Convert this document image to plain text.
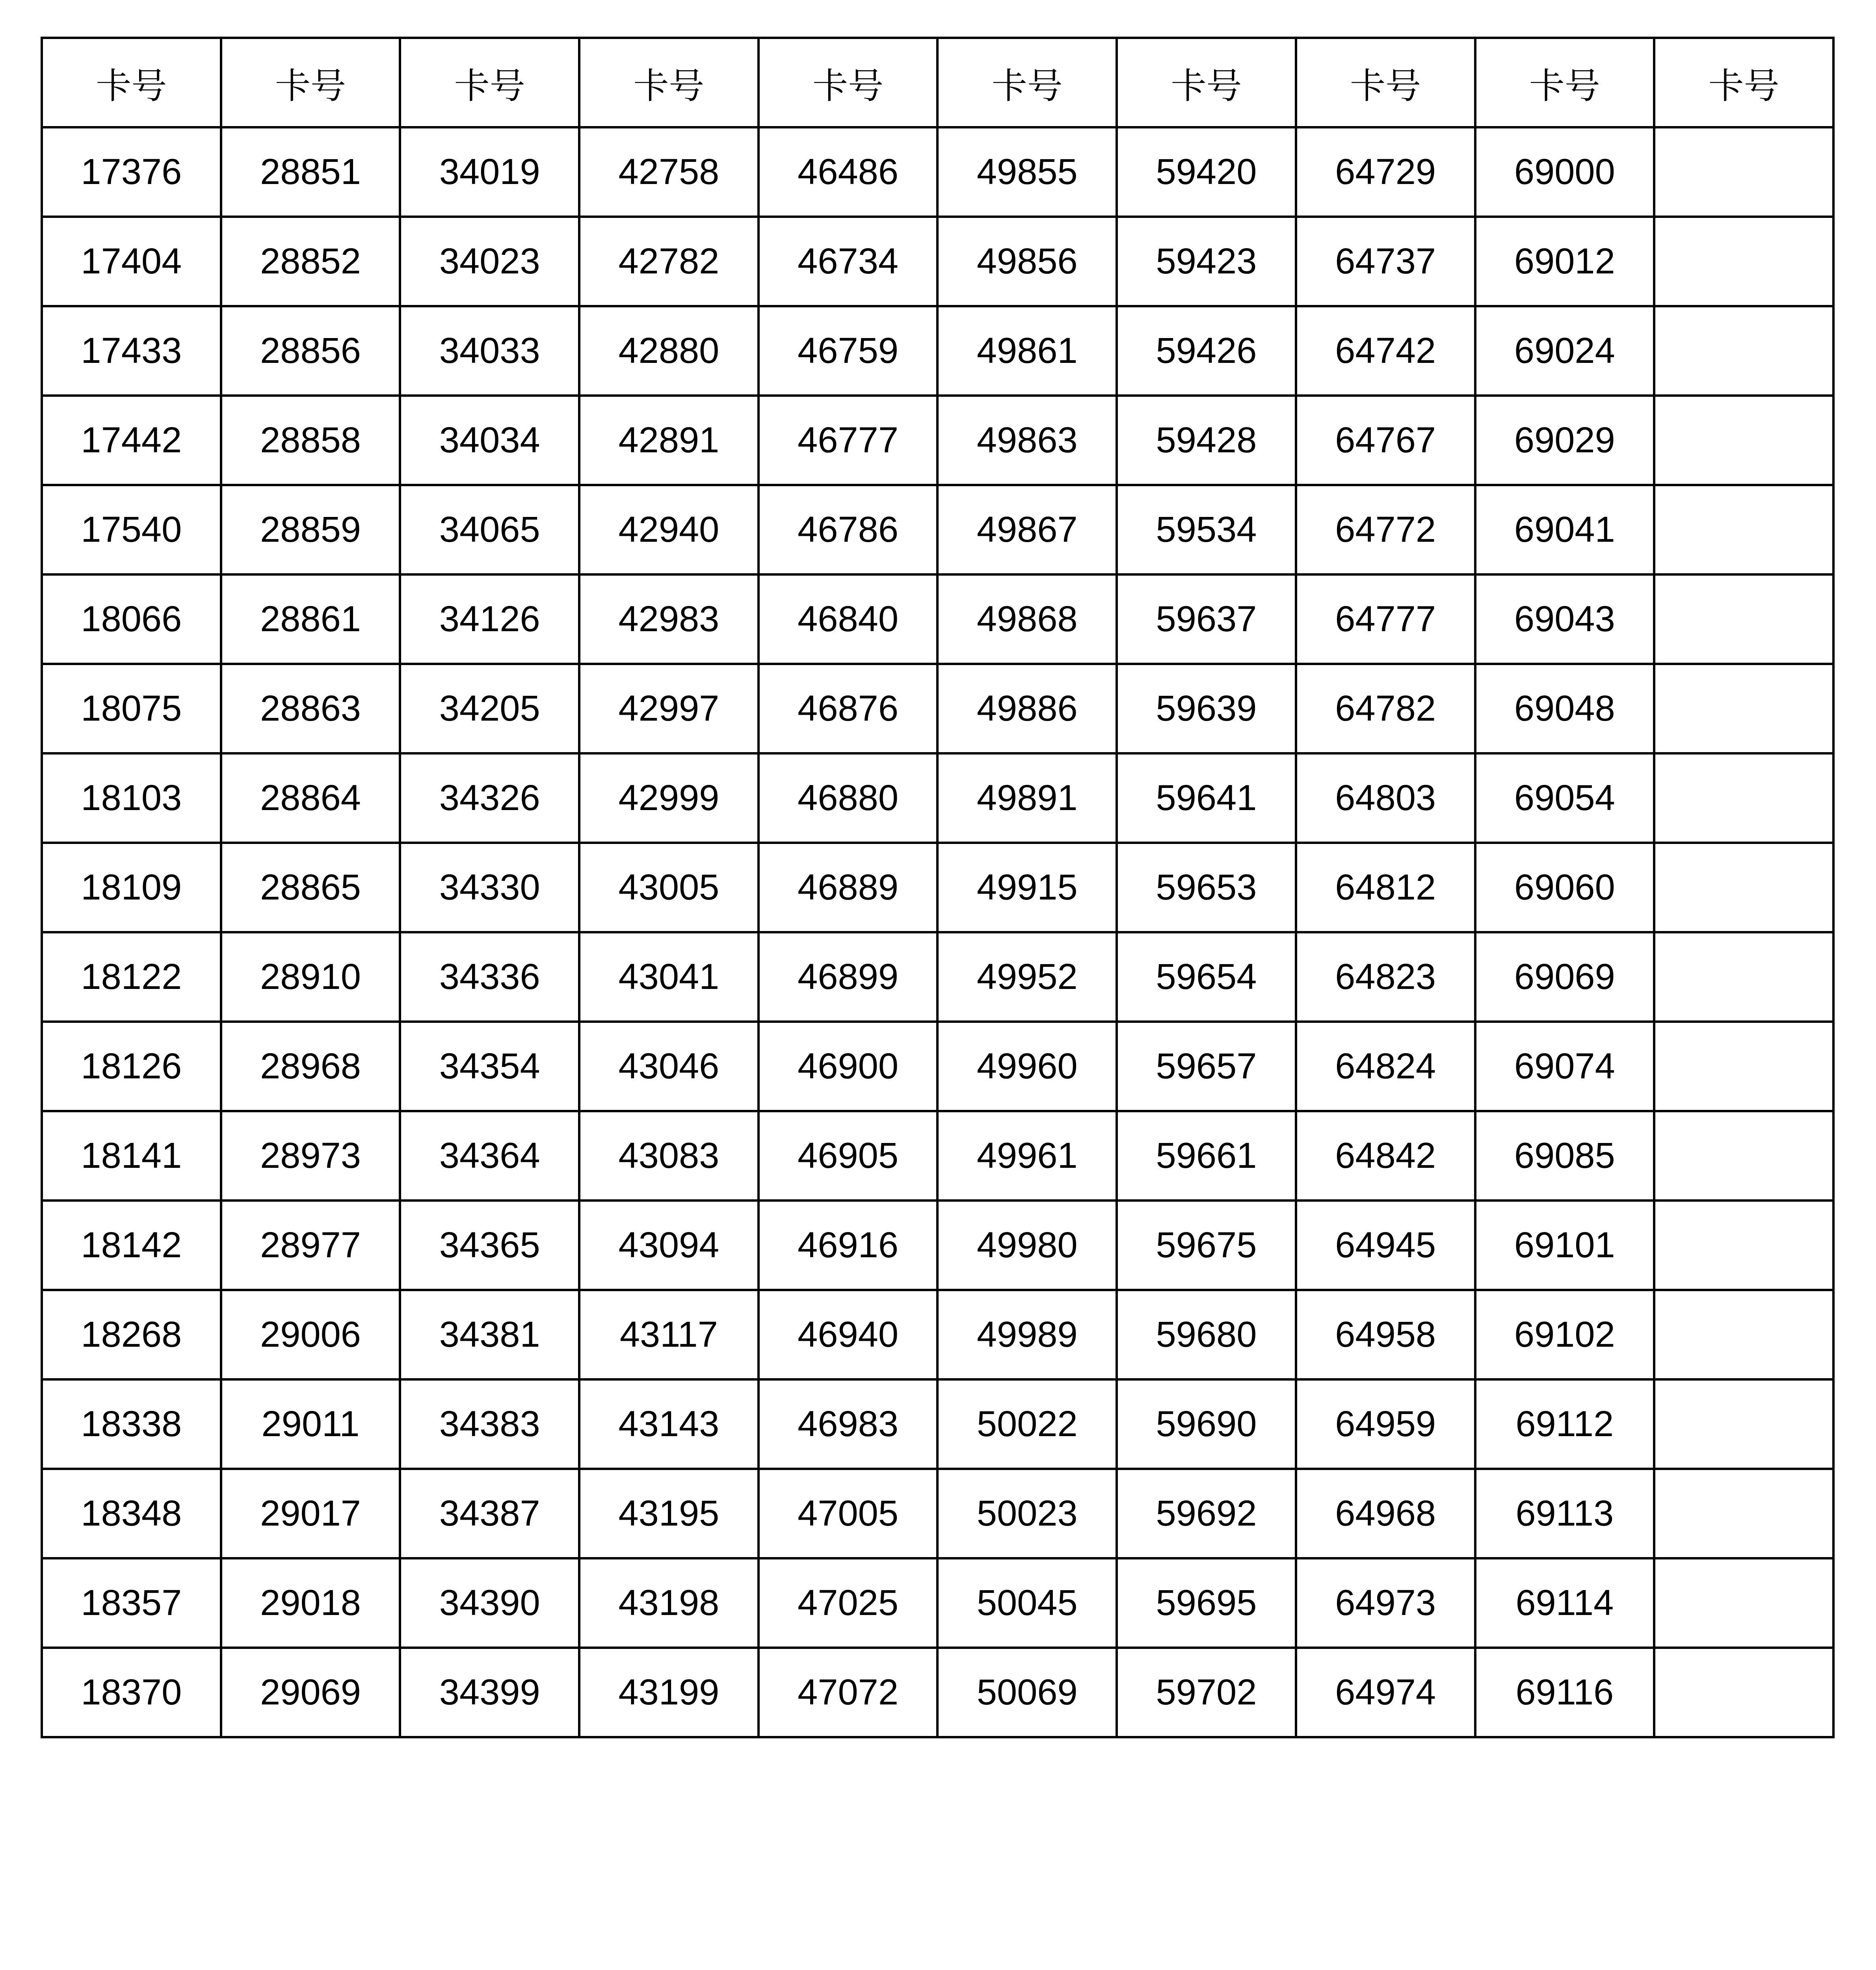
卡号	卡号	卡号	卡号	卡号	卡号	卡号	卡号	卡号	卡号
17376	28851	34019	42758	46486	49855	59420	64729	69000	
17404	28852	34023	42782	46734	49856	59423	64737	69012	
17433	28856	34033	42880	46759	49861	59426	64742	69024	
17442	28858	34034	42891	46777	49863	59428	64767	69029	
17540	28859	34065	42940	46786	49867	59534	64772	69041	
18066	28861	34126	42983	46840	49868	59637	64777	69043	
18075	28863	34205	42997	46876	49886	59639	64782	69048	
18103	28864	34326	42999	46880	49891	59641	64803	69054	
18109	28865	34330	43005	46889	49915	59653	64812	69060	
18122	28910	34336	43041	46899	49952	59654	64823	69069	
18126	28968	34354	43046	46900	49960	59657	64824	69074	
18141	28973	34364	43083	46905	49961	59661	64842	69085	
18142	28977	34365	43094	46916	49980	59675	64945	69101	
18268	29006	34381	43117	46940	49989	59680	64958	69102	
18338	29011	34383	43143	46983	50022	59690	64959	69112	
18348	29017	34387	43195	47005	50023	59692	64968	69113	
18357	29018	34390	43198	47025	50045	59695	64973	69114	
18370	29069	34399	43199	47072	50069	59702	64974	69116	
